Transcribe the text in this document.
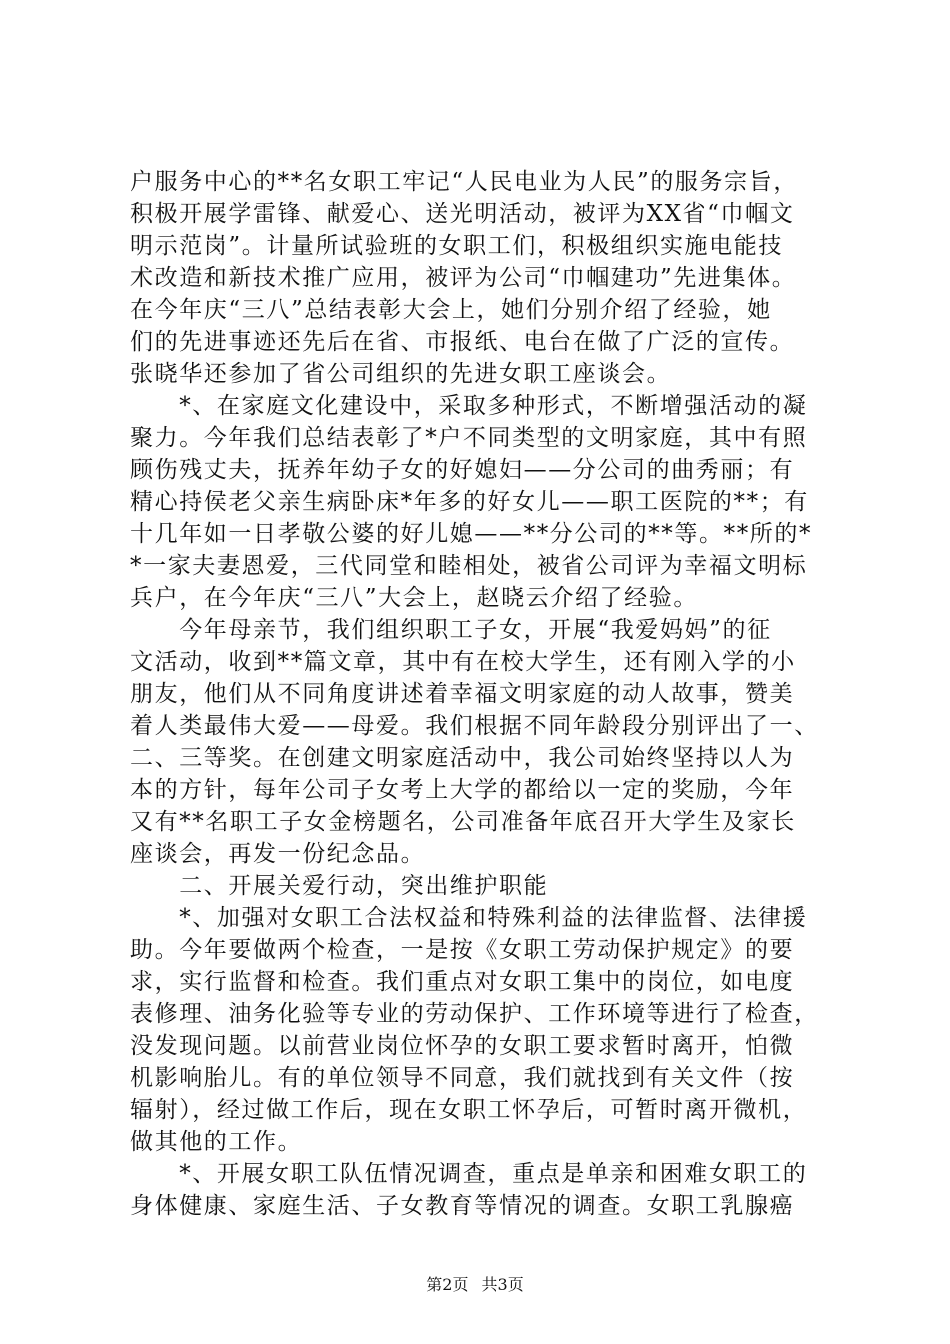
户服务中心的**名女职工牢记“人民电业为人民”的服务宗旨，
积极开展学雷锋、献爱心、送光明活动，被评为XX省“巾帼文
明示范岗”。计量所试验班的女职工们，积极组织实施电能技
术改造和新技术推广应用，被评为公司“巾帼建功”先进集体。
在今年庆“三八”总结表彰大会上，她们分别介绍了经验，她
们的先进事迹还先后在省、市报纸、电台在做了广泛的宣传。
张晓华还参加了省公司组织的先进女职工座谈会。
　　*、在家庭文化建设中，采取多种形式，不断增强活动的凝
聚力。今年我们总结表彰了*户不同类型的文明家庭，其中有照
顾伤残丈夫，抚养年幼子女的好媳妇——分公司的曲秀丽；有
精心持侯老父亲生病卧床*年多的好女儿——职工医院的**；有
十几年如一日孝敬公婆的好儿媳——**分公司的**等。**所的*
*一家夫妻恩爱，三代同堂和睦相处，被省公司评为幸福文明标
兵户，在今年庆“三八”大会上，赵晓云介绍了经验。
　　今年母亲节，我们组织职工子女，开展“我爱妈妈”的征
文活动，收到**篇文章，其中有在校大学生，还有刚入学的小
朋友，他们从不同角度讲述着幸福文明家庭的动人故事，赞美
着人类最伟大爱——母爱。我们根据不同年龄段分别评出了一、
二、三等奖。在创建文明家庭活动中，我公司始终坚持以人为
本的方针，每年公司子女考上大学的都给以一定的奖励，今年
又有**名职工子女金榜题名，公司准备年底召开大学生及家长
座谈会，再发一份纪念品。
　　二、开展关爱行动，突出维护职能
　　*、加强对女职工合法权益和特殊利益的法律监督、法律援
助。今年要做两个检查，一是按《女职工劳动保护规定》的要
求，实行监督和检查。我们重点对女职工集中的岗位，如电度
表修理、油务化验等专业的劳动保护、工作环境等进行了检查，
没发现问题。以前营业岗位怀孕的女职工要求暂时离开，怕微
机影响胎儿。有的单位领导不同意，我们就找到有关文件（按
辐射），经过做工作后，现在女职工怀孕后，可暂时离开微机，
做其他的工作。
　　*、开展女职工队伍情况调查，重点是单亲和困难女职工的
身体健康、家庭生活、子女教育等情况的调查。女职工乳腺癌
第2页 共3页
